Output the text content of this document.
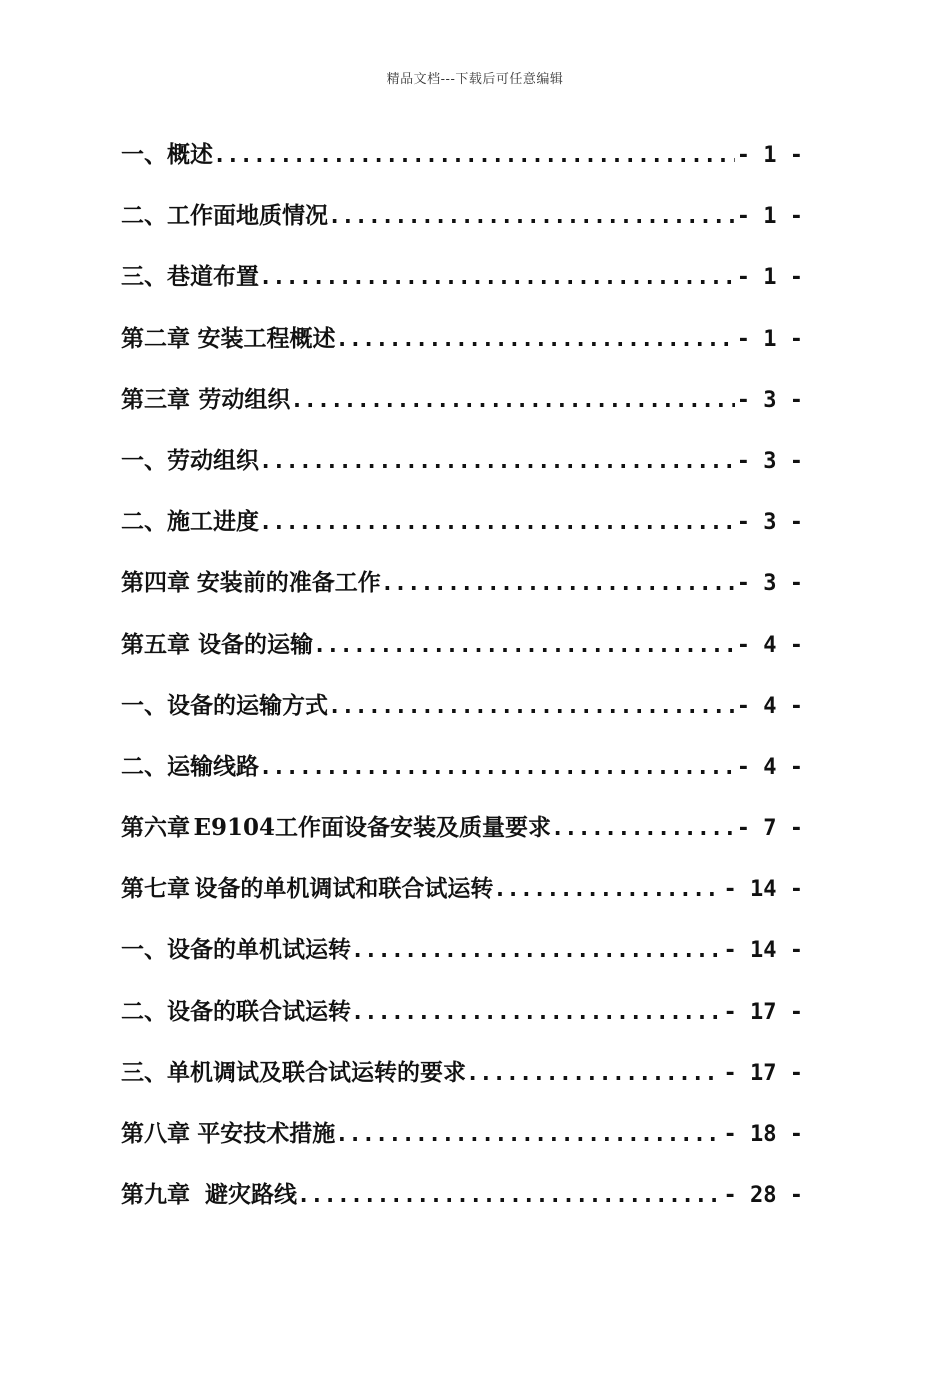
精品文档---下载后可任意编辑
一、概述 .....	- 1 -
二、工作面地质情况 .....	- 1 -
三、巷道布置 .....	- 1 -
第二章 安装工程概述 .....	- 1 -
第三章 劳动组织 .....	- 3 -
一、劳动组织 .....	- 3 -
二、施工进度 .....	- 3 -
第四章 安装前的准备工作 .....	- 3 -
第五章 设备的运输 .....	- 4 -
一、设备的运输方式 .....	- 4 -
二、运输线路 .....	- 4 -
第六章 E9104工作面设备安装及质量要求 .....	- 7 -
第七章 设备的单机调试和联合试运转 .....	- 14 -
一、设备的单机试运转 .....	- 14 -
二、设备的联合试运转 .....	- 17 -
三、单机调试及联合试运转的要求 .....	- 17 -
第八章 平安技术措施 .....	- 18 -
第九章 避灾路线 .....	- 28 -
